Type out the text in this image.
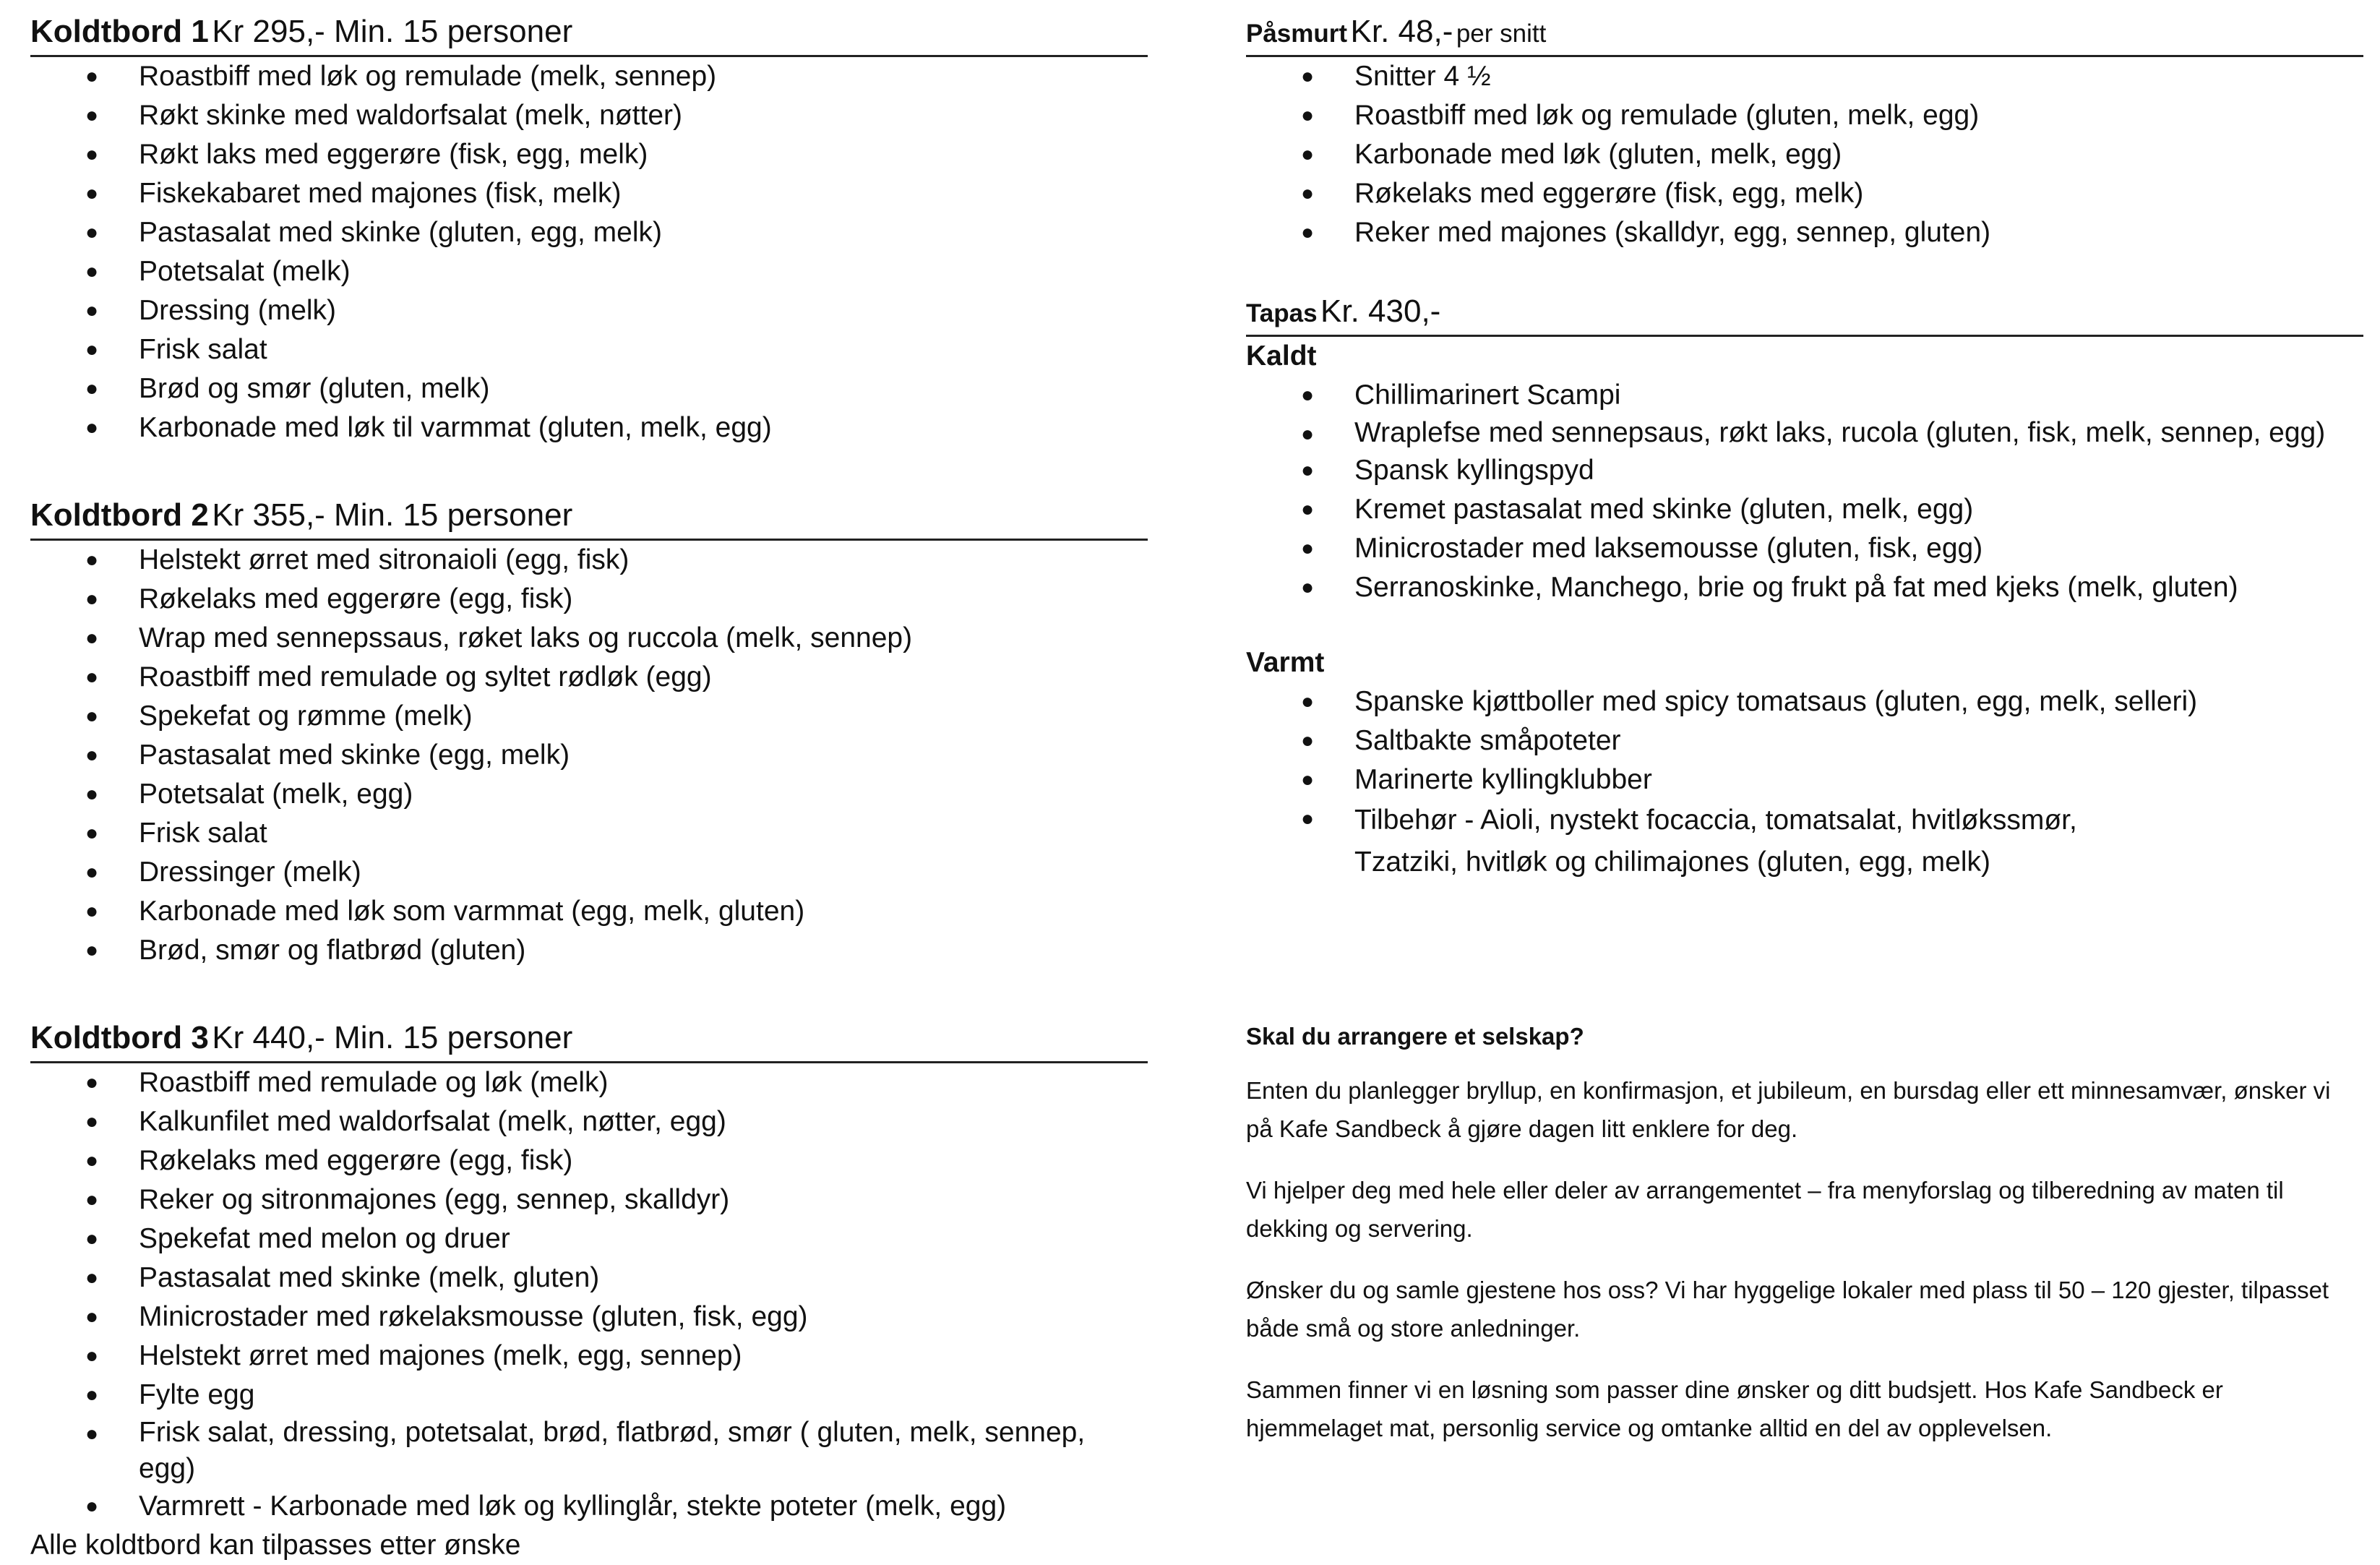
Koldtbord 1 Kr 295,- Min. 15 personer
● Roastbiff med løk og remulade (melk, sennep)
● Røkt skinke med waldorfsalat (melk, nøtter)
● Røkt laks med eggerøre (fisk, egg, melk)
● Fiskekabaret med majones (fisk, melk)
● Pastasalat med skinke (gluten, egg, melk)
● Potetsalat (melk)
● Dressing (melk)
● Frisk salat
● Brød og smør (gluten, melk)
● Karbonade med løk til varmmat (gluten, melk, egg)
Koldtbord 2 Kr 355,- Min. 15 personer
● Helstekt ørret med sitronaioli (egg, fisk)
● Røkelaks med eggerøre (egg, fisk)
● Wrap med sennepssaus, røket laks og ruccola (melk, sennep)
● Roastbiff med remulade og syltet rødløk (egg)
● Spekefat og rømme (melk)
● Pastasalat med skinke (egg, melk)
● Potetsalat (melk, egg)
● Frisk salat
● Dressinger (melk)
● Karbonade med løk som varmmat (egg, melk, gluten)
● Brød, smør og flatbrød (gluten)
Koldtbord 3 Kr 440,- Min. 15 personer
● Roastbiff med remulade og løk (melk)
● Kalkunfilet med waldorfsalat (melk, nøtter, egg)
● Røkelaks med eggerøre (egg, fisk)
● Reker og sitronmajones (egg, sennep, skalldyr)
● Spekefat med melon og druer
● Pastasalat med skinke (melk, gluten)
● Minicrostader med røkelaksmousse (gluten, fisk, egg)
● Helstekt ørret med majones (melk, egg, sennep)
● Fylte egg
● Frisk salat, dressing, potetsalat, brød, flatbrød, smør ( gluten, melk, sennep, egg)
● Varmrett - Karbonade med løk og kyllinglår, stekte poteter (melk, egg)
Alle koldtbord kan tilpasses etter ønske
Påsmurt Kr. 48,- per snitt
● Snitter 4 ½
● Roastbiff med løk og remulade (gluten, melk, egg)
● Karbonade med løk (gluten, melk, egg)
● Røkelaks med eggerøre (fisk, egg, melk)
● Reker med majones (skalldyr, egg, sennep, gluten)
Tapas Kr. 430,-
Kaldt
● Chillimarinert Scampi
● Wraplefse med sennepsaus, røkt laks, rucola (gluten, fisk, melk, sennep, egg)
● Spansk kyllingspyd
● Kremet pastasalat med skinke (gluten, melk, egg)
● Minicrostader med laksemousse (gluten, fisk, egg)
● Serranoskinke, Manchego, brie og frukt på fat med kjeks (melk, gluten)
Varmt
● Spanske kjøttboller med spicy tomatsaus (gluten, egg, melk, selleri)
● Saltbakte småpoteter
● Marinerte kyllingklubber
● Tilbehør - Aioli, nystekt focaccia, tomatsalat, hvitløkssmør, Tzatziki, hvitløk og chilimajones (gluten, egg, melk)
Skal du arrangere et selskap?

Enten du planlegger bryllup, en konfirmasjon, et jubileum, en bursdag eller ett minnesamvær, ønsker vi på Kafe Sandbeck å gjøre dagen litt enklere for deg.

Vi hjelper deg med hele eller deler av arrangementet – fra menyforslag og tilberedning av maten til dekking og servering.

Ønsker du og samle gjestene hos oss? Vi har hyggelige lokaler med plass til 50 – 120 gjester, tilpasset både små og store anledninger.

Sammen finner vi en løsning som passer dine ønsker og ditt budsjett. Hos Kafe Sandbeck er hjemmelaget mat, personlig service og omtanke alltid en del av opplevelsen.
